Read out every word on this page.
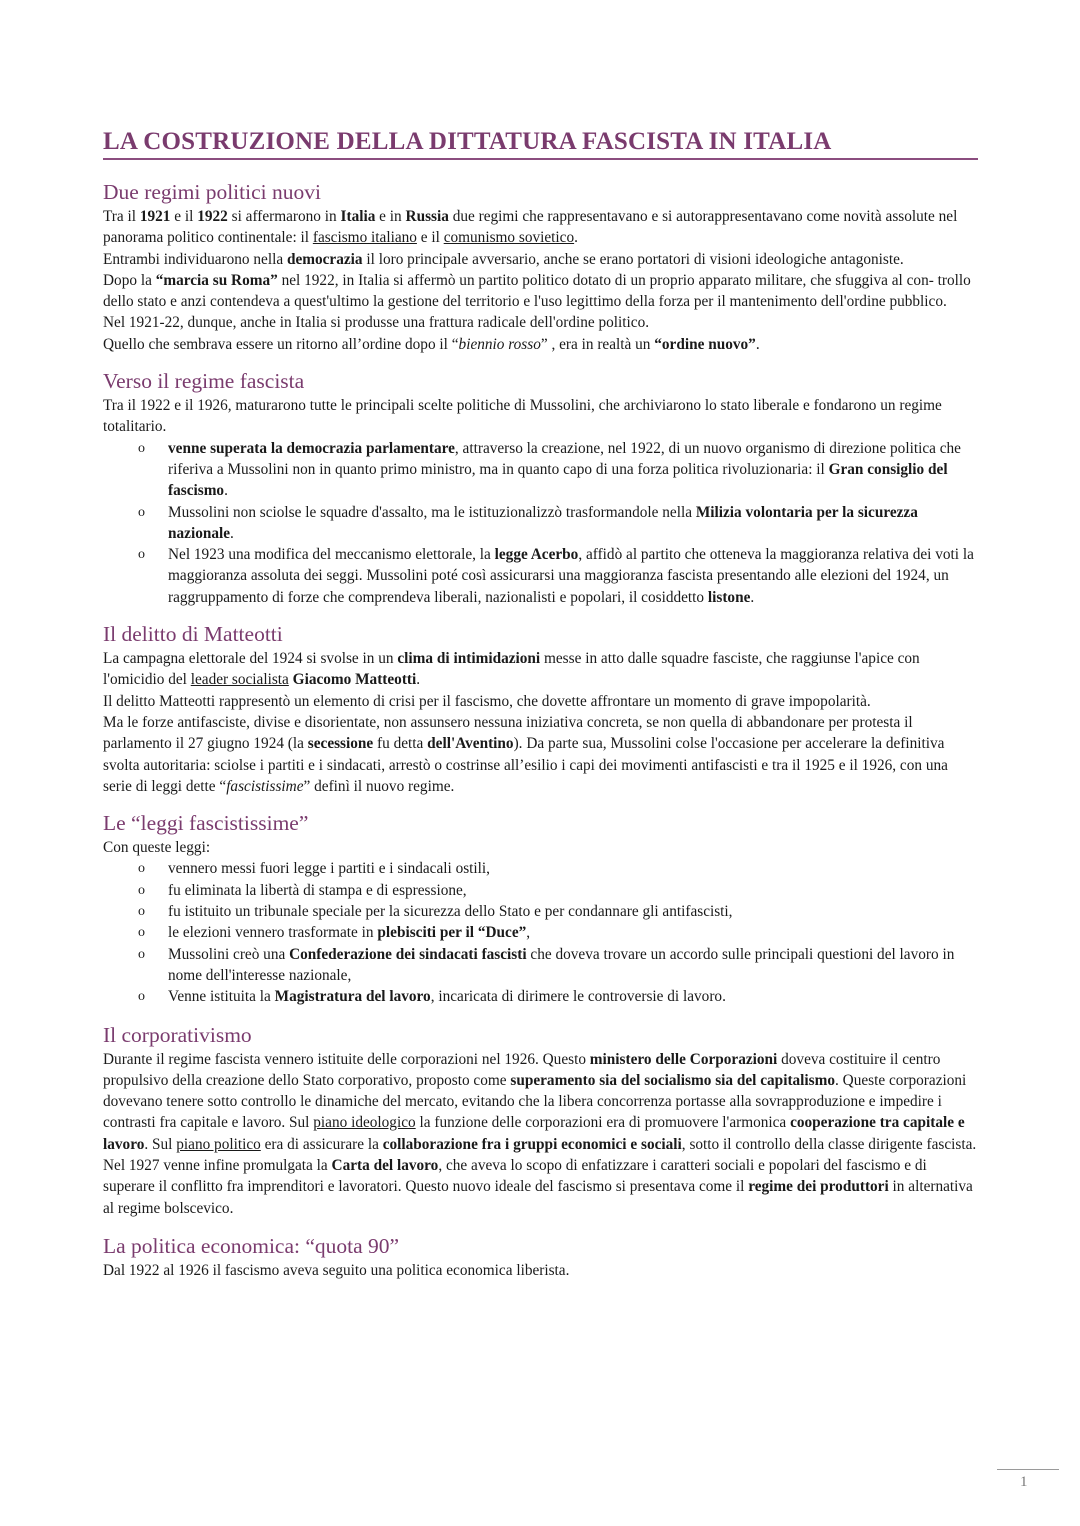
LA COSTRUZIONE DELLA DITTATURA FASCISTA IN ITALIA
Due regimi politici nuovi

Tra il 1921 e il 1922 si affermarono in Italia e in Russia due regimi che rappresentavano e si autorappresentavano come novità assolute nel panorama politico continentale: il fascismo italiano e il comunismo sovietico.

Entrambi individuarono nella democrazia il loro principale avversario, anche se erano portatori di visioni ideologiche antagoniste.

Dopo la “marcia su Roma” nel 1922, in Italia si affermò un partito politico dotato di un proprio apparato militare, che sfuggiva al con- trollo dello stato e anzi contendeva a quest'ultimo la gestione del territorio e l'uso legittimo della forza per il mantenimento dell'ordine pubblico.

Nel 1921-22, dunque, anche in Italia si produsse una frattura radicale dell'ordine politico.

Quello che sembrava essere un ritorno all’ordine dopo il “biennio rosso” , era in realtà un “ordine nuovo”.

Verso il regime fascista

Tra il 1922 e il 1926, maturarono tutte le principali scelte politiche di Mussolini, che archiviarono lo stato liberale e fondarono un regime totalitario.

o venne superata la democrazia parlamentare, attraverso la creazione, nel 1922, di un nuovo organismo di direzione politica che riferiva a Mussolini non in quanto primo ministro, ma in quanto capo di una forza politica rivoluzionaria: il Gran consiglio del fascismo.
o Mussolini non sciolse le squadre d'assalto, ma le istituzionalizzò trasformandole nella Milizia volontaria per la sicurezza nazionale.
o Nel 1923 una modifica del meccanismo elettorale, la legge Acerbo, affidò al partito che otteneva la maggioranza relativa dei voti la maggioranza assoluta dei seggi. Mussolini poté così assicurarsi una maggioranza fascista presentando alle elezioni del 1924, un raggruppamento di forze che comprendeva liberali, nazionalisti e popolari, il cosiddetto listone.
Il delitto di Matteotti

La campagna elettorale del 1924 si svolse in un clima di intimidazioni messe in atto dalle squadre fasciste, che raggiunse l'apice con l'omicidio del leader socialista Giacomo Matteotti.

Il delitto Matteotti rappresentò un elemento di crisi per il fascismo, che dovette affrontare un momento di grave impopolarità.

Ma le forze antifasciste, divise e disorientate, non assunsero nessuna iniziativa concreta, se non quella di abbandonare per protesta il parlamento il 27 giugno 1924 (la secessione fu detta dell'Aventino). Da parte sua, Mussolini colse l'occasione per accelerare la definitiva svolta autoritaria: sciolse i partiti e i sindacati, arrestò o costrinse all’esilio i capi dei movimenti antifascisti e tra il 1925 e il 1926, con una serie di leggi dette “fascistissime” definì il nuovo regime.

Le “leggi fascistissime”

Con queste leggi:

o vennero messi fuori legge i partiti e i sindacali ostili,
o fu eliminata la libertà di stampa e di espressione,
o fu istituito un tribunale speciale per la sicurezza dello Stato e per condannare gli antifascisti,
o le elezioni vennero trasformate in plebisciti per il “Duce”,
o Mussolini creò una Confederazione dei sindacati fascisti che doveva trovare un accordo sulle principali questioni del lavoro in nome dell'interesse nazionale,
o Venne istituita la Magistratura del lavoro, incaricata di dirimere le controversie di lavoro.
Il corporativismo

Durante il regime fascista vennero istituite delle corporazioni nel 1926. Questo ministero delle Corporazioni doveva costituire il centro propulsivo della creazione dello Stato corporativo, proposto come superamento sia del socialismo sia del capitalismo. Queste corporazioni dovevano tenere sotto controllo le dinamiche del mercato, evitando che la libera concorrenza portasse alla sovrapproduzione e impedire i contrasti fra capitale e lavoro. Sul piano ideologico la funzione delle corporazioni era di promuovere l'armonica cooperazione tra capitale e lavoro. Sul piano politico era di assicurare la collaborazione fra i gruppi economici e sociali, sotto il controllo della classe dirigente fascista.

Nel 1927 venne infine promulgata la Carta del lavoro, che aveva lo scopo di enfatizzare i caratteri sociali e popolari del fascismo e di superare il conflitto fra imprenditori e lavoratori. Questo nuovo ideale del fascismo si presentava come il regime dei produttori in alternativa al regime bolscevico.

La politica economica: “quota 90”

Dal 1922 al 1926 il fascismo aveva seguito una politica economica liberista.

1
